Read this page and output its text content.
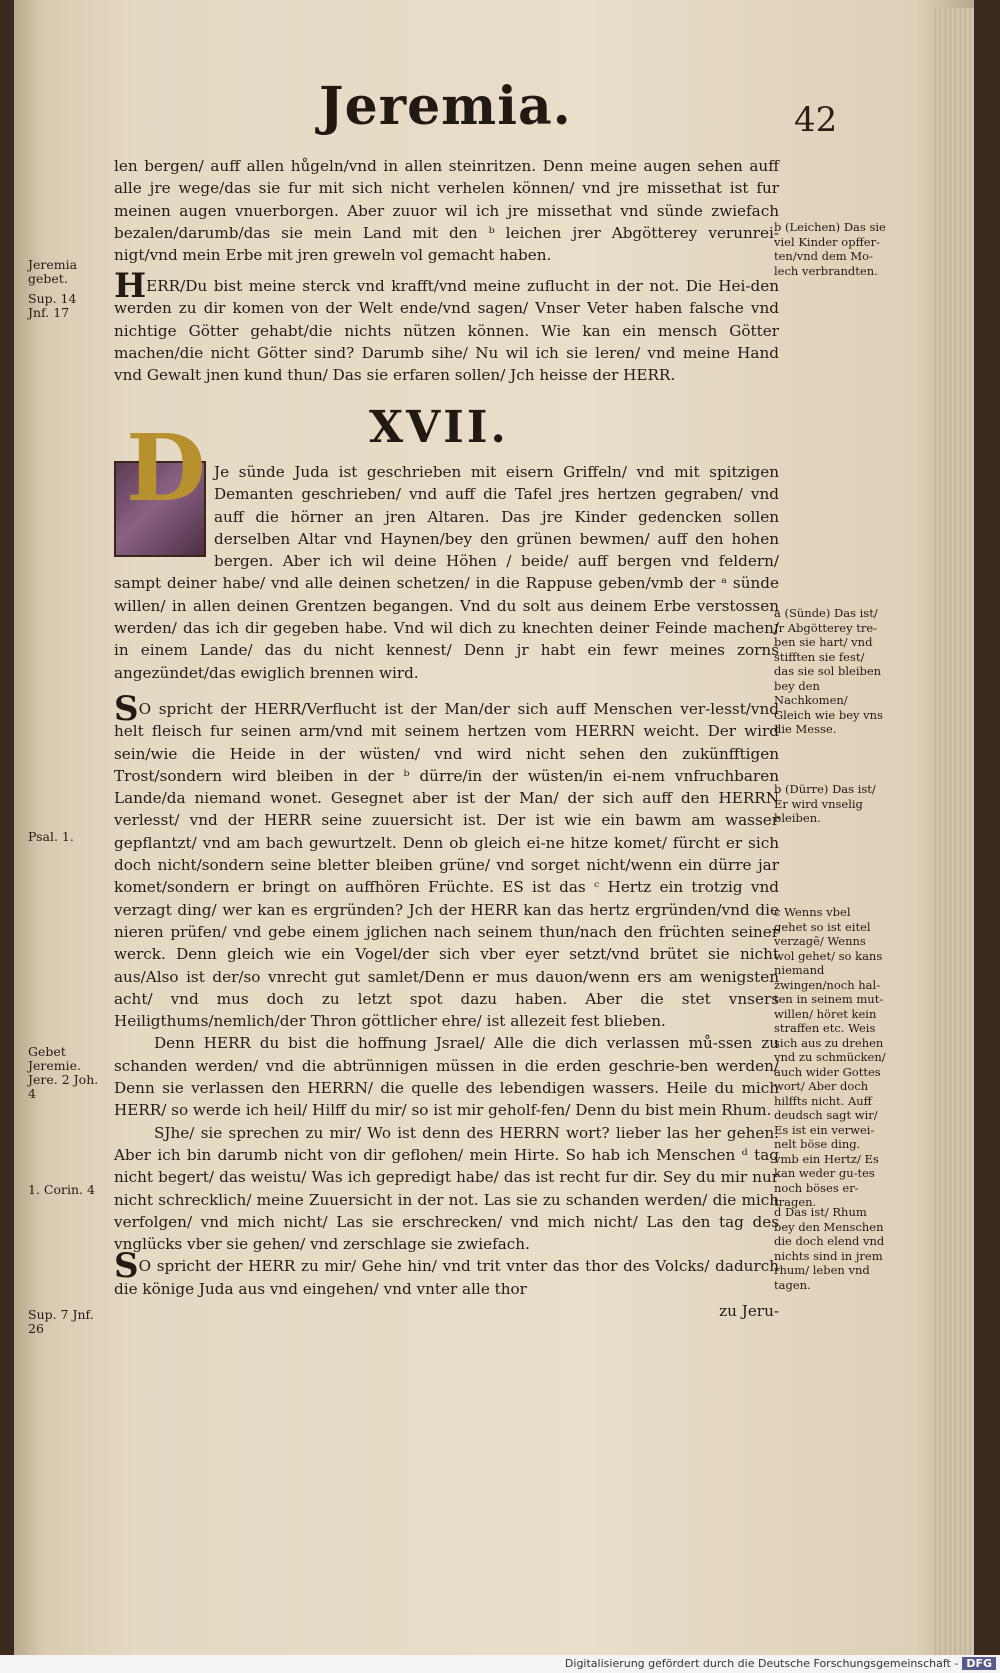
Jeremia.	42

len bergen/ auff allen hůgeln/vnd in allen steinritzen. Denn meine augen sehen auff alle jre wege/das sie fur mit sich nicht verhelen können/ vnd jre missethat ist fur meinen augen vnuerborgen. Aber zuuor wil ich jre missethat vnd sünde zwiefach bezalen/darumb/das sie mein Land mit den ᵇ leichen jrer Abgötterey verunrei-nigt/vnd mein Erbe mit jren greweln vol gemacht haben.

HERR/Du bist meine sterck vnd krafft/vnd meine zuflucht in der not. Die Hei-den werden zu dir komen von der Welt ende/vnd sagen/ Vnser Veter haben falsche vnd nichtige Götter gehabt/die nichts nützen können. Wie kan ein mensch Götter machen/die nicht Götter sind? Darumb sihe/ Nu wil ich sie leren/ vnd meine Hand vnd Gewalt jnen kund thun/ Das sie erfaren sollen/ Jch heisse der HERR.

XVII.
D Je sünde Juda ist geschrieben mit eisern Griffeln/ vnd mit spitzigen Demanten geschrieben/ vnd auff die Tafel jres hertzen gegraben/ vnd auff die hörner an jren Altaren. Das jre Kinder gedencken sollen derselben Altar vnd Haynen/bey den grünen bewmen/ auff den hohen bergen. Aber ich wil deine Höhen / beide/ auff bergen vnd feldern/ sampt deiner habe/ vnd alle deinen schetzen/ in die Rappuse geben/vmb der ᵃ sünde willen/ in allen deinen Grentzen begangen. Vnd du solt aus deinem Erbe verstossen werden/ das ich dir gegeben habe. Vnd wil dich zu knechten deiner Feinde machen/ in einem Lande/ das du nicht kennest/ Denn jr habt ein fewr meines zorns angezündet/das ewiglich brennen wird.

SO spricht der HERR/Verflucht ist der Man/der sich auff Menschen ver-lesst/vnd helt fleisch fur seinen arm/vnd mit seinem hertzen vom HERRN weicht. Der wird sein/wie die Heide in der wüsten/ vnd wird nicht sehen den zukünfftigen Trost/sondern wird bleiben in der ᵇ dürre/in der wüsten/in ei-nem vnfruchbaren Lande/da niemand wonet. Gesegnet aber ist der Man/ der sich auff den HERRN verlesst/ vnd der HERR seine zuuersicht ist. Der ist wie ein bawm am wasser gepflantzt/ vnd am bach gewurtzelt. Denn ob gleich ei-ne hitze komet/ fürcht er sich doch nicht/sondern seine bletter bleiben grüne/ vnd sorget nicht/wenn ein dürre jar komet/sondern er bringt on auffhören Früchte. ES ist das ᶜ Hertz ein trotzig vnd verzagt ding/ wer kan es ergründen? Jch der HERR kan das hertz ergründen/vnd die nieren prüfen/ vnd gebe einem jglichen nach seinem thun/nach den früchten seiner werck. Denn gleich wie ein Vogel/der sich vber eyer setzt/vnd brütet sie nicht aus/Also ist der/so vnrecht gut samlet/Denn er mus dauon/wenn ers am wenigsten acht/ vnd mus doch zu letzt spot dazu haben. Aber die stet vnsers Heiligthums/nemlich/der Thron göttlicher ehre/ ist allezeit fest blieben.

Denn HERR du bist die hoffnung Jsrael/ Alle die dich verlassen mů-ssen zu schanden werden/ vnd die abtrünnigen müssen in die erden geschrie-ben werden/ Denn sie verlassen den HERRN/ die quelle des lebendigen wassers. Heile du mich HERR/ so werde ich heil/ Hilff du mir/ so ist mir geholf-fen/ Denn du bist mein Rhum.

SJhe/ sie sprechen zu mir/ Wo ist denn des HERRN wort? lieber las her gehen. Aber ich bin darumb nicht von dir geflohen/ mein Hirte. So hab ich Menschen ᵈ tag nicht begert/ das weistu/ Was ich gepredigt habe/ das ist recht fur dir. Sey du mir nur nicht schrecklich/ meine Zuuersicht in der not. Las sie zu schanden werden/ die mich verfolgen/ vnd mich nicht/ Las sie erschrecken/ vnd mich nicht/ Las den tag des vnglücks vber sie gehen/ vnd zerschlage sie zwiefach.

SO spricht der HERR zu mir/ Gehe hin/ vnd trit vnter das thor des Volcks/ dadurch die könige Juda aus vnd eingehen/ vnd vnter alle thor

zu Jeru-

Jeremia gebet.
Sup. 14 Jnf. 17
Psal. 1.
Gebet Jeremie. Jere. 2 Joh. 4
1. Corin. 4
Sup. 7 Jnf. 26
b (Leichen) Das sie viel Kinder opffer-ten/vnd dem Mo-lech verbrandten.
a (Sünde) Das ist/ Jr Abgötterey tre-ben sie hart/ vnd stifften sie fest/ das sie sol bleiben bey den Nachkomen/ Gleich wie bey vns die Messe.
b (Dürre) Das ist/ Er wird vnselig bleiben.
c Wenns vbel gehet so ist eitel verzagē/ Wenns wol gehet/ so kans niemand zwingen/noch hal-ten in seinem mut-willen/ höret kein straffen etc. Weis sich aus zu drehen vnd zu schmücken/ auch wider Gottes wort/ Aber doch hilffts nicht. Auff deudsch sagt wir/ Es ist ein verwei-nelt böse ding. vmb ein Hertz/ Es kan weder gu-tes noch böses er-tragen.
d Das ist/ Rhum bey den Menschen die doch elend vnd nichts sind in jrem rhum/ leben vnd tagen.
Digitalisierung gefördert durch die Deutsche Forschungsgemeinschaft - DFG
